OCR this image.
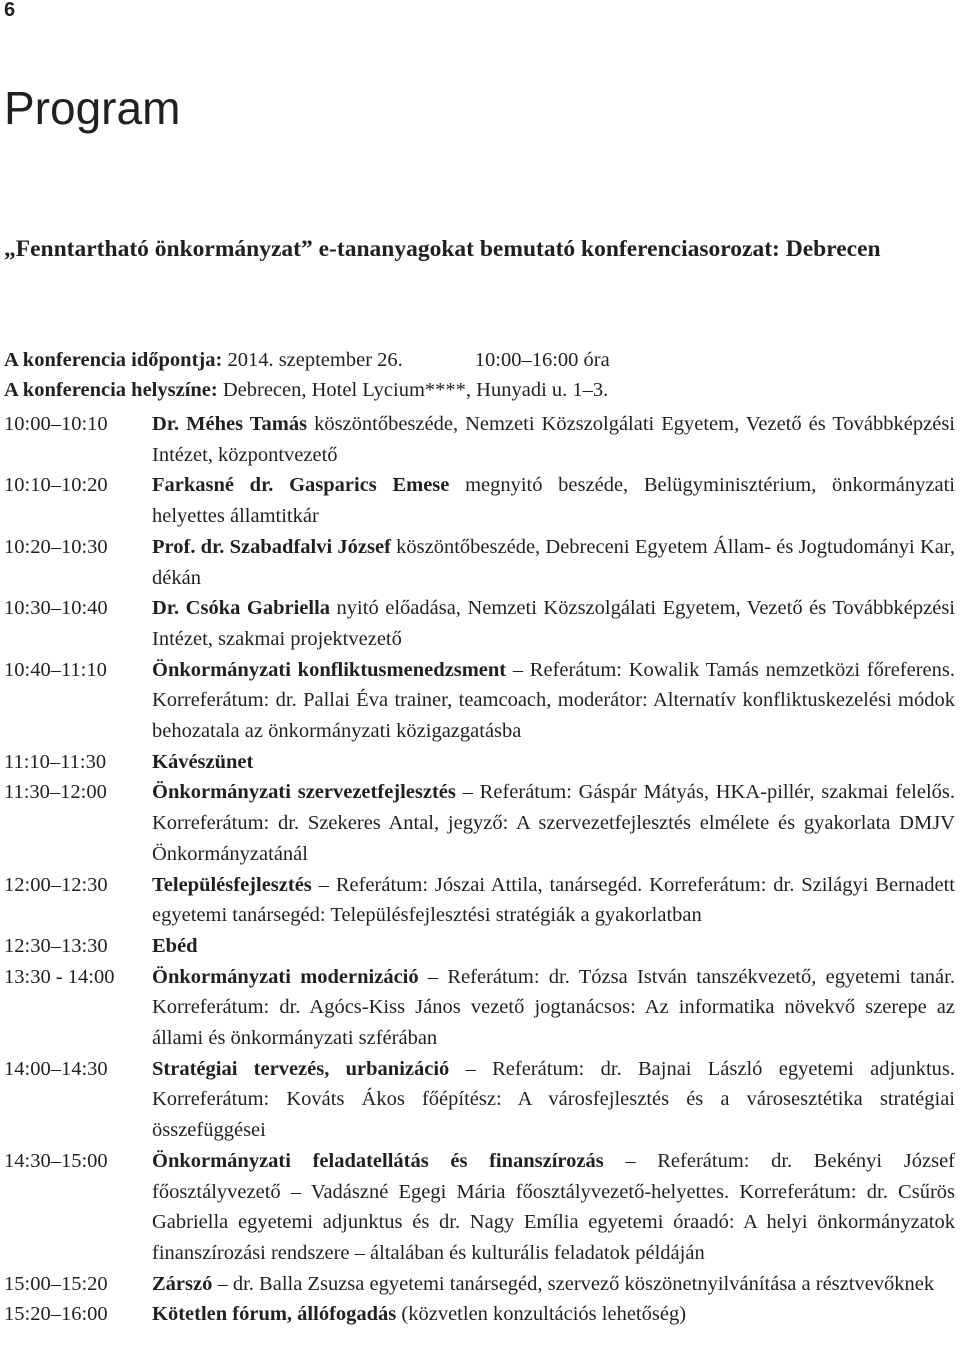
6
Program

„Fenntartható önkormányzat” e-tananyagokat bemutató konferenciasorozat: Debrecen

A konferencia időpontja: 2014. szeptember 26.	10:00–16:00 óra
A konferencia helyszíne: Debrecen, Hotel Lycium****, Hunyadi u. 1–3.
10:00–10:10	Dr. Méhes Tamás köszöntőbeszéde, Nemzeti Közszolgálati Egyetem, Vezető és Továbbképzési Intézet, központvezető
10:10–10:20	Farkasné dr. Gasparics Emese megnyitó beszéde, Belügyminisztérium, önkormányzati helyettes államtitkár
10:20–10:30	Prof. dr. Szabadfalvi József köszöntőbeszéde, Debreceni Egyetem Állam- és Jogtudományi Kar, dékán
10:30–10:40	Dr. Csóka Gabriella nyitó előadása, Nemzeti Közszolgálati Egyetem, Vezető és Továbbképzési Intézet, szakmai projektvezető
10:40–11:10	Önkormányzati konfliktusmenedzsment – Referátum: Kowalik Tamás nemzetközi főreferens. Korreferátum: dr. Pallai Éva trainer, teamcoach, moderátor: Alternatív konfliktuskezelési módok behozatala az önkormányzati közigazgatásba
11:10–11:30	Kávészünet
11:30–12:00	Önkormányzati szervezetfejlesztés – Referátum: Gáspár Mátyás, HKA-pillér, szakmai felelős. Korreferátum: dr. Szekeres Antal, jegyző: A szervezetfejlesztés elmélete és gyakorlata DMJV Önkormányzatánál
12:00–12:30	Településfejlesztés – Referátum: Jószai Attila, tanársegéd. Korreferátum: dr. Szilágyi Bernadett egyetemi tanársegéd: Településfejlesztési stratégiák a gyakorlatban
12:30–13:30	Ebéd
13:30 - 14:00	Önkormányzati modernizáció – Referátum: dr. Tózsa István tanszékvezető, egyetemi tanár. Korreferátum: dr. Agócs-Kiss János vezető jogtanácsos: Az informatika növekvő szerepe az állami és önkormányzati szférában
14:00–14:30	Stratégiai tervezés, urbanizáció – Referátum: dr. Bajnai László egyetemi adjunktus. Korreferátum: Kováts Ákos főépítész: A városfejlesztés és a városesztétika stratégiai összefüggései
14:30–15:00	Önkormányzati feladatellátás és finanszírozás – Referátum: dr. Bekényi József főosztályvezető – Vadászné Egegi Mária főosztályvezető-helyettes. Korreferátum: dr. Csűrös Gabriella egyetemi adjunktus és dr. Nagy Emília egyetemi óraadó: A helyi önkormányzatok finanszírozási rendszere – általában és kulturális feladatok példáján
15:00–15:20	Zárszó – dr. Balla Zsuzsa egyetemi tanársegéd, szervező köszönetnyilvánítása a résztvevőknek
15:20–16:00	Kötetlen fórum, állófogadás (közvetlen konzultációs lehetőség)
